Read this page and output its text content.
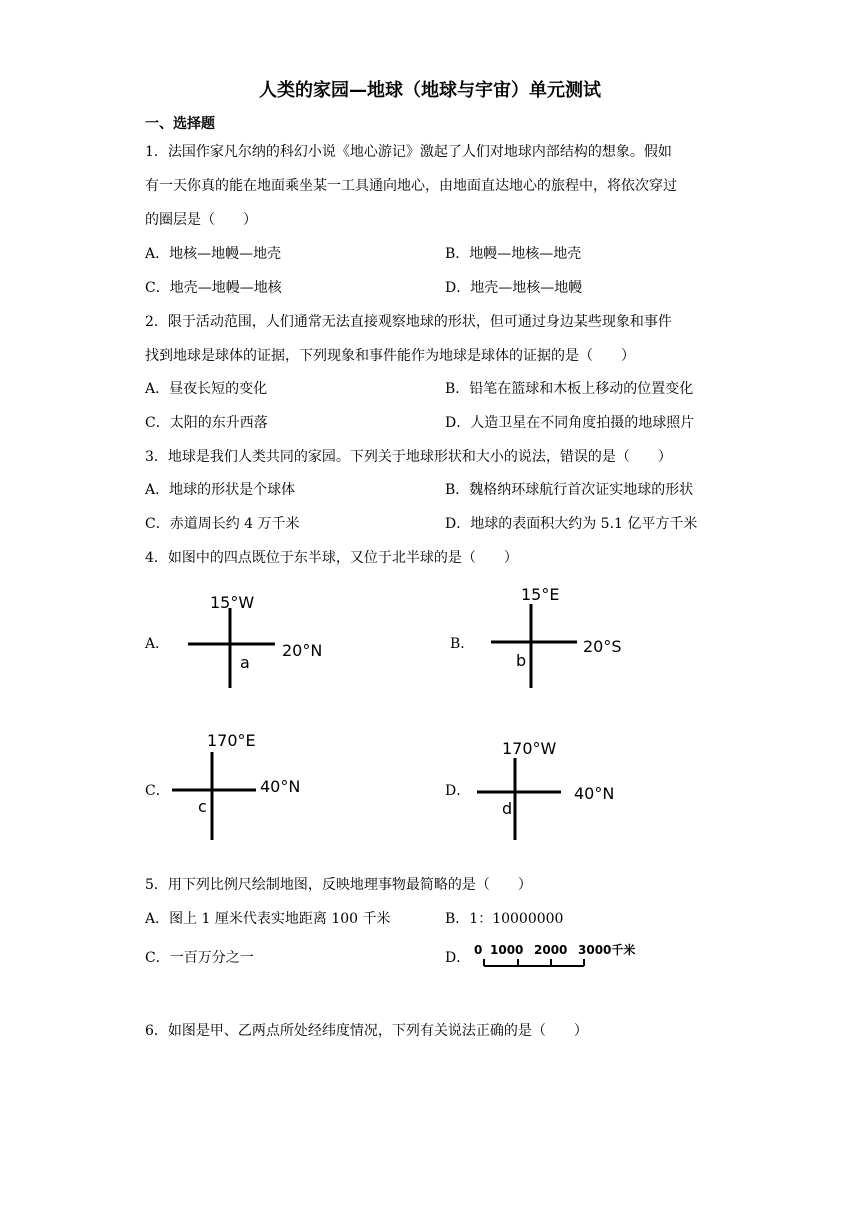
人类的家园—地球（地球与宇宙）单元测试
一、选择题
1．法国作家凡尔纳的科幻小说《地心游记》激起了人们对地球内部结构的想象。假如
有一天你真的能在地面乘坐某一工具通向地心，由地面直达地心的旅程中，将依次穿过
的圈层是（　　）
A．地核—地幔—地壳	B．地幔—地核—地壳
C．地壳—地幔—地核	D．地壳—地核—地幔
2．限于活动范围，人们通常无法直接观察地球的形状，但可通过身边某些现象和事件
找到地球是球体的证据，下列现象和事件能作为地球是球体的证据的是（　　）
A．昼夜长短的变化	B．铅笔在篮球和木板上移动的位置变化
C．太阳的东升西落	D．人造卫星在不同角度拍摄的地球照片
3．地球是我们人类共同的家园。下列关于地球形状和大小的说法，错误的是（　　）
A．地球的形状是个球体	B．魏格纳环球航行首次证实地球的形状
C．赤道周长约 4 万千米	D．地球的表面积大约为 5.1 亿平方千米
4．如图中的四点既位于东半球，又位于北半球的是（　　）
A．
15°W
20°N
a
B．
15°E
20°S
b
C．
170°E
40°N
c
D．
170°W
40°N
d
5．用下列比例尺绘制地图，反映地理事物最简略的是（　　）
A．图上 1 厘米代表实地距离 100 千米	B．1：10000000
C．一百万分之一	D． 0 1000 2000 3000千米
6．如图是甲、乙两点所处经纬度情况，下列有关说法正确的是（　　）
